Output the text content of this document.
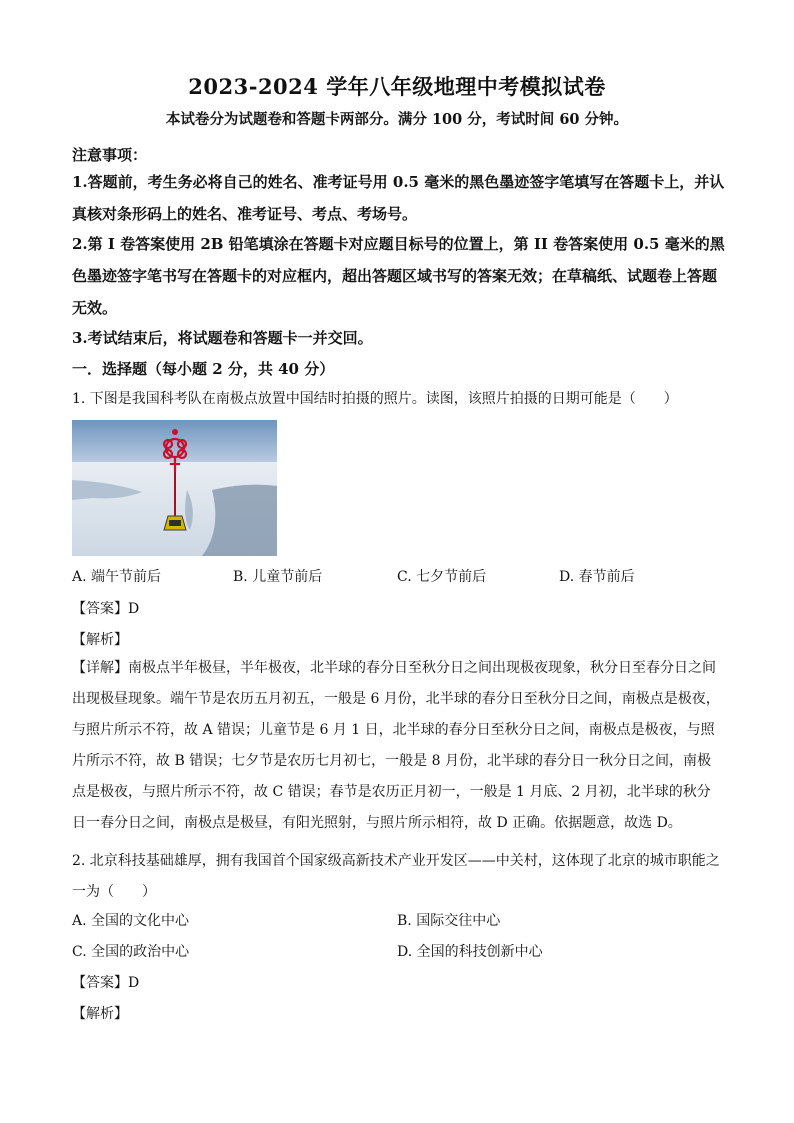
2023-2024 学年八年级地理中考模拟试卷
本试卷分为试题卷和答题卡两部分。满分 100 分，考试时间 60 分钟。
注意事项：
1.答题前，考生务必将自己的姓名、准考证号用 0.5 毫米的黑色墨迹签字笔填写在答题卡上，并认真核对条形码上的姓名、准考证号、考点、考场号。
2.第 I 卷答案使用 2B 铅笔填涂在答题卡对应题目标号的位置上，第 II 卷答案使用 0.5 毫米的黑色墨迹签字笔书写在答题卡的对应框内，超出答题区域书写的答案无效；在草稿纸、试题卷上答题无效。
3.考试结束后，将试题卷和答题卡一并交回。
一．选择题（每小题 2 分，共 40 分）
1. 下图是我国科考队在南极点放置中国结时拍摄的照片。读图，该照片拍摄的日期可能是（　　）
A. 端午节前后	B. 儿童节前后	C. 七夕节前后	D. 春节前后
【答案】D
【解析】
【详解】南极点半年极昼，半年极夜，北半球的春分日至秋分日之间出现极夜现象，秋分日至春分日之间出现极昼现象。端午节是农历五月初五，一般是 6 月份，北半球的春分日至秋分日之间，南极点是极夜，与照片所示不符，故 A 错误；儿童节是 6 月 1 日，北半球的春分日至秋分日之间，南极点是极夜，与照片所示不符，故 B 错误；七夕节是农历七月初七，一般是 8 月份，北半球的春分日一秋分日之间，南极点是极夜，与照片所示不符，故 C 错误；春节是农历正月初一，一般是 1 月底、2 月初，北半球的秋分日一春分日之间，南极点是极昼，有阳光照射，与照片所示相符，故 D 正确。依据题意，故选 D。
2. 北京科技基础雄厚，拥有我国首个国家级高新技术产业开发区——中关村，这体现了北京的城市职能之一为（　　）
A. 全国的文化中心	B. 国际交往中心
C. 全国的政治中心	D. 全国的科技创新中心
【答案】D
【解析】
